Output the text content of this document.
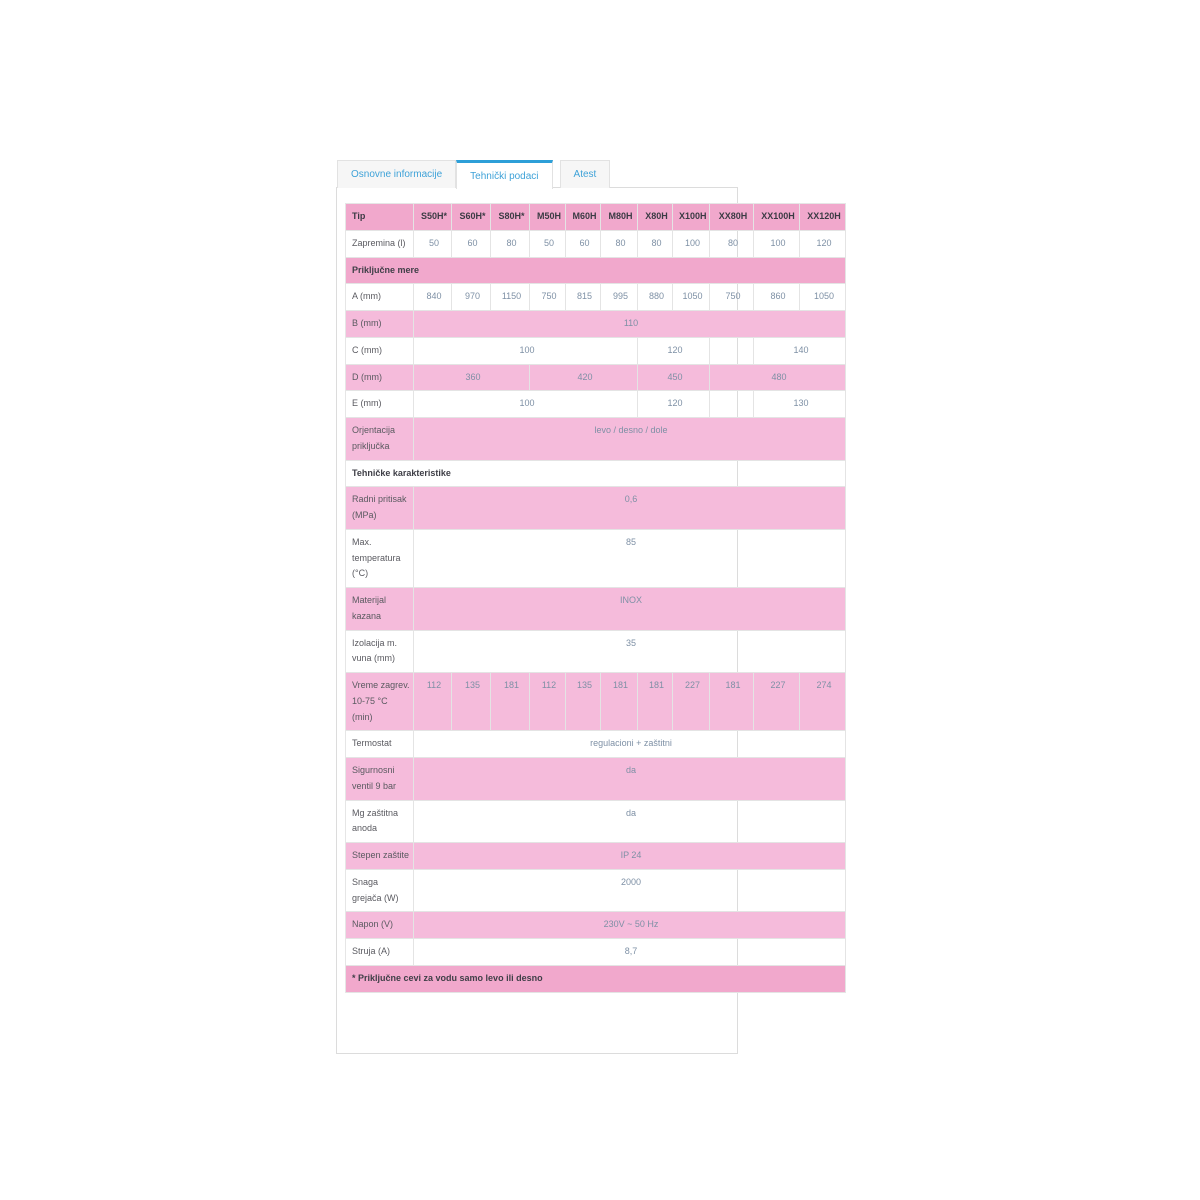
Osnovne informacije	Tehnički podaci	Atest
Tip	S50H*	S60H*	S80H*	M50H	M60H	M80H	X80H	X100H	XX80H	XX100H	XX120H
Zapremina (l)	50	60	80	50	60	80	80	100	80	100	120
Priključne mere											
A (mm)	840	970	1150	750	815	995	880	1050	750	860	1050
B (mm)	110										
C (mm)	100						120			140	
D (mm)	360			420			450		480		
E (mm)	100						120			130	
Orjentacija priključka	levo / desno / dole										
Tehničke karakteristike											
Radni pritisak (MPa)	0,6										
Max. temperatura (°C)	85										
Materijal kazana	INOX										
Izolacija m. vuna (mm)	35										
Vreme zagrev. 10-75 °C (min)	112	135	181	112	135	181	181	227	181	227	274
Termostat	regulacioni + zaštitni										
Sigurnosni ventil 9 bar	da										
Mg zaštitna anoda	da										
Stepen zaštite	IP 24										
Snaga grejača (W)	2000										
Napon (V)	230V ~ 50 Hz										
Struja (A)	8,7										
* Priključne cevi za vodu samo levo ili desno											
